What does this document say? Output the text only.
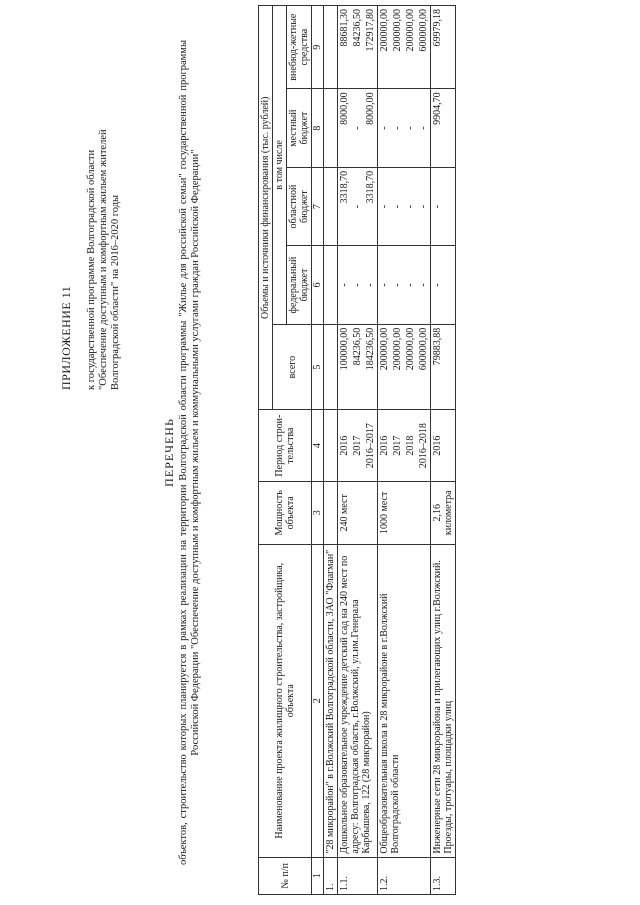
ПРИЛОЖЕНИЕ 11 к государственной программе Волгоградской области "Обеспечение доступным и комфортным жильем жителей Волгоградской области" на 2016–2020 годы
ПЕРЕЧЕНЬ объектов, строительство которых планируется в рамках реализации на территории Волгоградской области программы "Жилье для российской семьи" государственной программы Российской Федерации "Обеспечение доступным и комфортным жильем и коммунальными услугами граждан Российской Федерации"
№ п/п	Наименование проекта жилищного строительства, застройщика, объекта	Мощность объекта	Период строи-тельства	Объемы и источники финансирования (тыс. рублей)				
				всего	в том числе			
					федеральный бюджет	областной бюджет	местный бюджет	внебюд-жетные средства
1	2	3	4	5	6	7	8	9
1.	"28 микрорайон" в г.Волжский Волгоградской области, ЗАО "Флагман"							
1.1.	Дошкольное образовательное учреждение детский сад на 240 мест по адресу: Волгоградская область, г.Волжский, ул.им.Генерала Карбышева, 122 (28 микрорайон)	240 мест	2016	100000,00	-	3318,70	8000,00	88681,30
			2017	84236,50	-	-	-	84236,50
			2016–2017	184236,50	-	3318,70	8000,00	172917,80
1.2.	Общеобразовательная школа в 28 микрорайоне в г.Волжский Волгоградской области	1000 мест	2016	200000,00	-	-	-	200000,00
			2017	200000,00	-	-	-	200000,00
			2018	200000,00	-	-	-	200000,00
			2016–2018	600000,00	-	-	-	600000,00
1.3.	Инженерные сети 28 микрорайона и прилегающих улиц г.Волжский. Проезды, тротуары, площадки улиц	2,16 километра	2016	79883,88	-	-	9904,70	69979,18
